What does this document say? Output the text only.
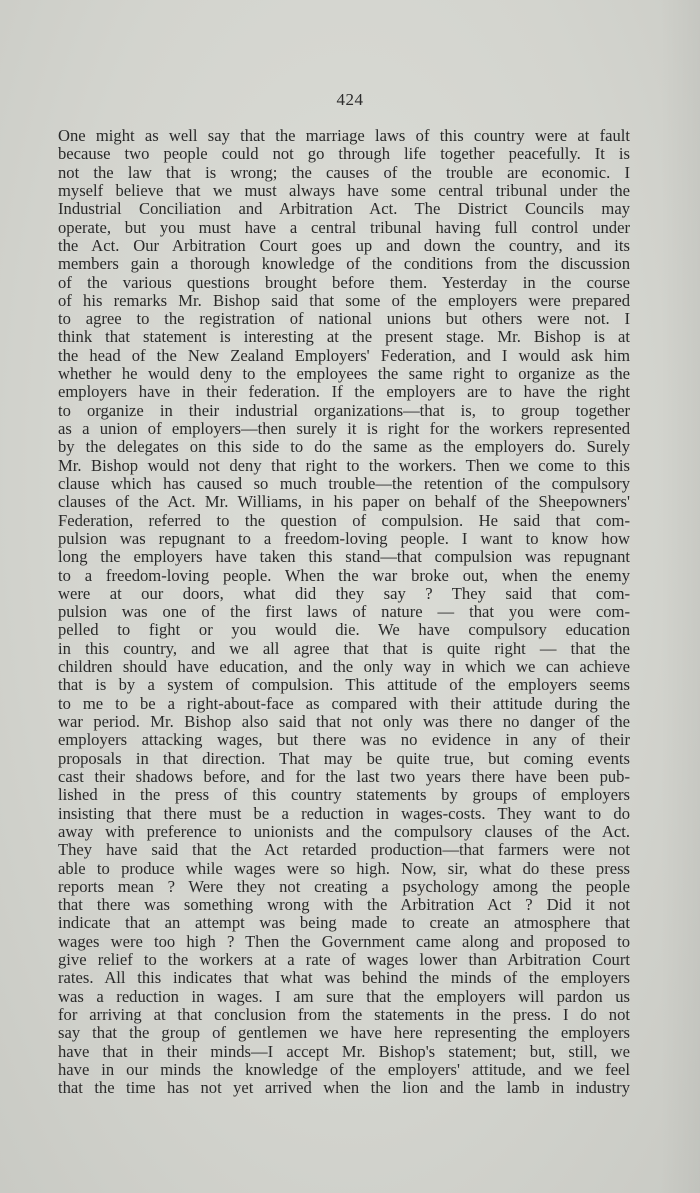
424
One might as well say that the marriage laws of this country were at fault
because two people could not go through life together peacefully. It is
not the law that is wrong; the causes of the trouble are economic. I
myself believe that we must always have some central tribunal under the
Industrial Conciliation and Arbitration Act. The District Councils may
operate, but you must have a central tribunal having full control under
the Act. Our Arbitration Court goes up and down the country, and its
members gain a thorough knowledge of the conditions from the discussion
of the various questions brought before them. Yesterday in the course
of his remarks Mr. Bishop said that some of the employers were prepared
to agree to the registration of national unions but others were not. I
think that statement is interesting at the present stage. Mr. Bishop is at
the head of the New Zealand Employers' Federation, and I would ask him
whether he would deny to the employees the same right to organize as the
employers have in their federation. If the employers are to have the right
to organize in their industrial organizations—that is, to group together
as a union of employers—then surely it is right for the workers represented
by the delegates on this side to do the same as the employers do. Surely
Mr. Bishop would not deny that right to the workers. Then we come to this
clause which has caused so much trouble—the retention of the compulsory
clauses of the Act. Mr. Williams, in his paper on behalf of the Sheepowners'
Federation, referred to the question of compulsion. He said that com-
pulsion was repugnant to a freedom-loving people. I want to know how
long the employers have taken this stand—that compulsion was repugnant
to a freedom-loving people. When the war broke out, when the enemy
were at our doors, what did they say ? They said that com-
pulsion was one of the first laws of nature — that you were com-
pelled to fight or you would die. We have compulsory education
in this country, and we all agree that that is quite right — that the
children should have education, and the only way in which we can achieve
that is by a system of compulsion. This attitude of the employers seems
to me to be a right-about-face as compared with their attitude during the
war period. Mr. Bishop also said that not only was there no danger of the
employers attacking wages, but there was no evidence in any of their
proposals in that direction. That may be quite true, but coming events
cast their shadows before, and for the last two years there have been pub-
lished in the press of this country statements by groups of employers
insisting that there must be a reduction in wages-costs. They want to do
away with preference to unionists and the compulsory clauses of the Act.
They have said that the Act retarded production—that farmers were not
able to produce while wages were so high. Now, sir, what do these press
reports mean ? Were they not creating a psychology among the people
that there was something wrong with the Arbitration Act ? Did it not
indicate that an attempt was being made to create an atmosphere that
wages were too high ? Then the Government came along and proposed to
give relief to the workers at a rate of wages lower than Arbitration Court
rates. All this indicates that what was behind the minds of the employers
was a reduction in wages. I am sure that the employers will pardon us
for arriving at that conclusion from the statements in the press. I do not
say that the group of gentlemen we have here representing the employers
have that in their minds—I accept Mr. Bishop's statement; but, still, we
have in our minds the knowledge of the employers' attitude, and we feel
that the time has not yet arrived when the lion and the lamb in industry
